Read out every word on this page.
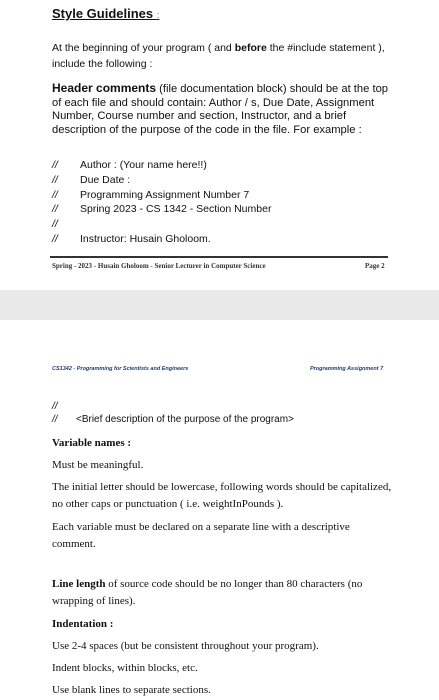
Style Guidelines :
At the beginning of your program ( and before the #include statement ), include the following :
Header comments (file documentation block) should be at the top of each file and should contain: Author / s, Due Date, Assignment Number, Course number and section, Instructor, and a brief description of the purpose of the code in the file. For example :
//	Author : (Your name here!!)
//	Due Date :
//	Programming Assignment Number 7
//	Spring 2023 - CS 1342 - Section Number
//
//	Instructor: Husain Gholoom.
Spring - 2023 - Husain Gholoom - Senior Lecturer in Computer Science	Page 2
CS1342 - Programming for Scientists and Engineers	Programming Assignment 7
//
//	<Brief description of the purpose of the program>
Variable names :
Must be meaningful.
The initial letter should be lowercase, following words should be capitalized, no other caps or punctuation ( i.e. weightInPounds ).
Each variable must be declared on a separate line with a descriptive comment.
Line length of source code should be no longer than 80 characters (no wrapping of lines).
Indentation :
Use 2-4 spaces (but be consistent throughout your program).
Indent blocks, within blocks, etc.
Use blank lines to separate sections.
